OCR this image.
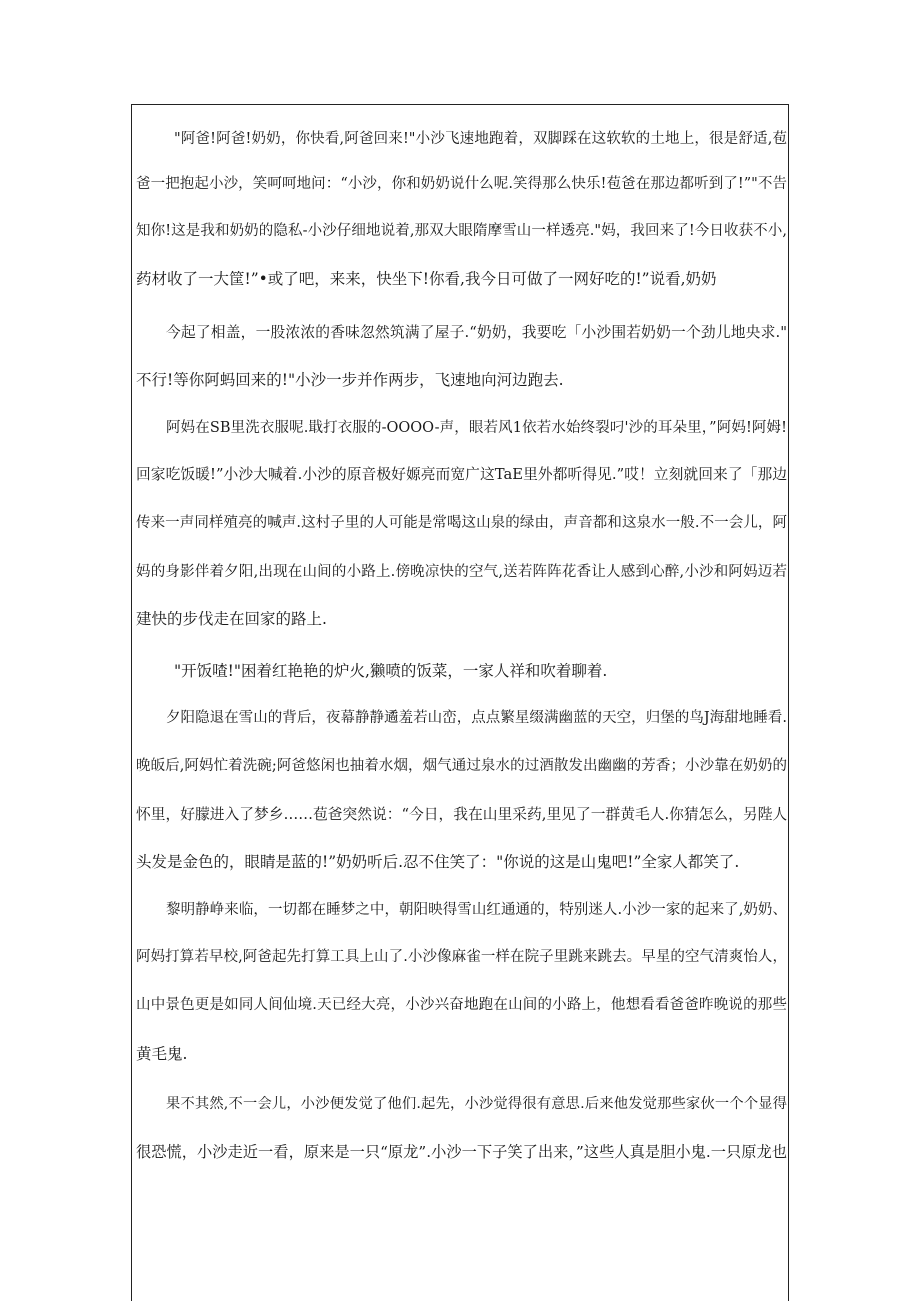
"阿爸!阿爸!奶奶，你快看,阿爸回来!"小沙飞速地跑着，双脚踩在这软软的土地上，很是舒适,苞
爸一把抱起小沙，笑呵呵地问：“小沙，你和奶奶说什么呢.笑得那么快乐!苞爸在那边都听到了!”"不告
知你!这是我和奶奶的隐私-小沙仔细地说着,那双大眼隋摩雪山一样透亮."妈，我回来了!今日收获不小,
药材收了一大筐!”•或了吧，来来，快坐下!你看,我今日可做了一网好吃的!”说看,奶奶
今起了相盖，一股浓浓的香味忽然筑满了屋子.“奶奶，我要吃「小沙围若奶奶一个劲儿地央求."
不行!等你阿蚂回来的!"小沙一步并作两步，飞速地向河边跑去.
阿妈在SB里洗衣服呢.戢打衣服的-OOOO-声，眼若风1依若水始终裂叼'沙的耳朵里，”阿妈!阿姆!
回家吃饭暖!”小沙大喊着.小沙的原音极好嫄亮而宽广这TaE里外都听得见.”哎！立刻就回来了「那边
传来一声同样殖亮的喊声.这村子里的人可能是常喝这山泉的绿由，声音都和这泉水一般.不一会儿，阿
妈的身影伴着夕阳,出现在山间的小路上.傍晚凉快的空气,送若阵阵花香让人感到心醉,小沙和阿妈迈若
建快的步伐走在回家的路上.
"开饭喳!"困着红艳艳的炉火,獭喷的饭菜，一家人祥和吹着聊着.
夕阳隐退在雪山的背后，夜幕静静遹羞若山峦，点点繁星缀满幽蓝的天空，归堡的鸟J海甜地睡看.
晚皈后,阿妈忙着洗碗;阿爸悠闲也抽着水烟，烟气通过泉水的过酒散发出幽幽的芳香；小沙靠在奶奶的
怀里，好朦进入了梦乡……苞爸突然说：“今日，我在山里采药,里见了一群黄毛人.你猜怎么，另陛人
头发是金色的，眼睛是蓝的!”奶奶听后.忍不住笑了："你说的这是山鬼吧!”全家人都笑了.
黎明静峥来临，一切都在睡梦之中，朝阳映得雪山红通通的，特别迷人.小沙一家的起来了,奶奶、
阿妈打算若早校,阿爸起先打算工具上山了.小沙像麻雀一样在院子里跳来跳去。早星的空气清爽怡人，
山中景色更是如同人间仙境.天已经大亮，小沙兴奋地跑在山间的小路上，他想看看爸爸昨晚说的那些
黄毛鬼.
果不其然,不一会儿，小沙便发觉了他们.起先，小沙觉得很有意思.后来他发觉那些家伙一个个显得
很恐慌，小沙走近一看，原来是一只“原龙”.小沙一下子笑了出来，”这些人真是胆小鬼.一只原龙也
